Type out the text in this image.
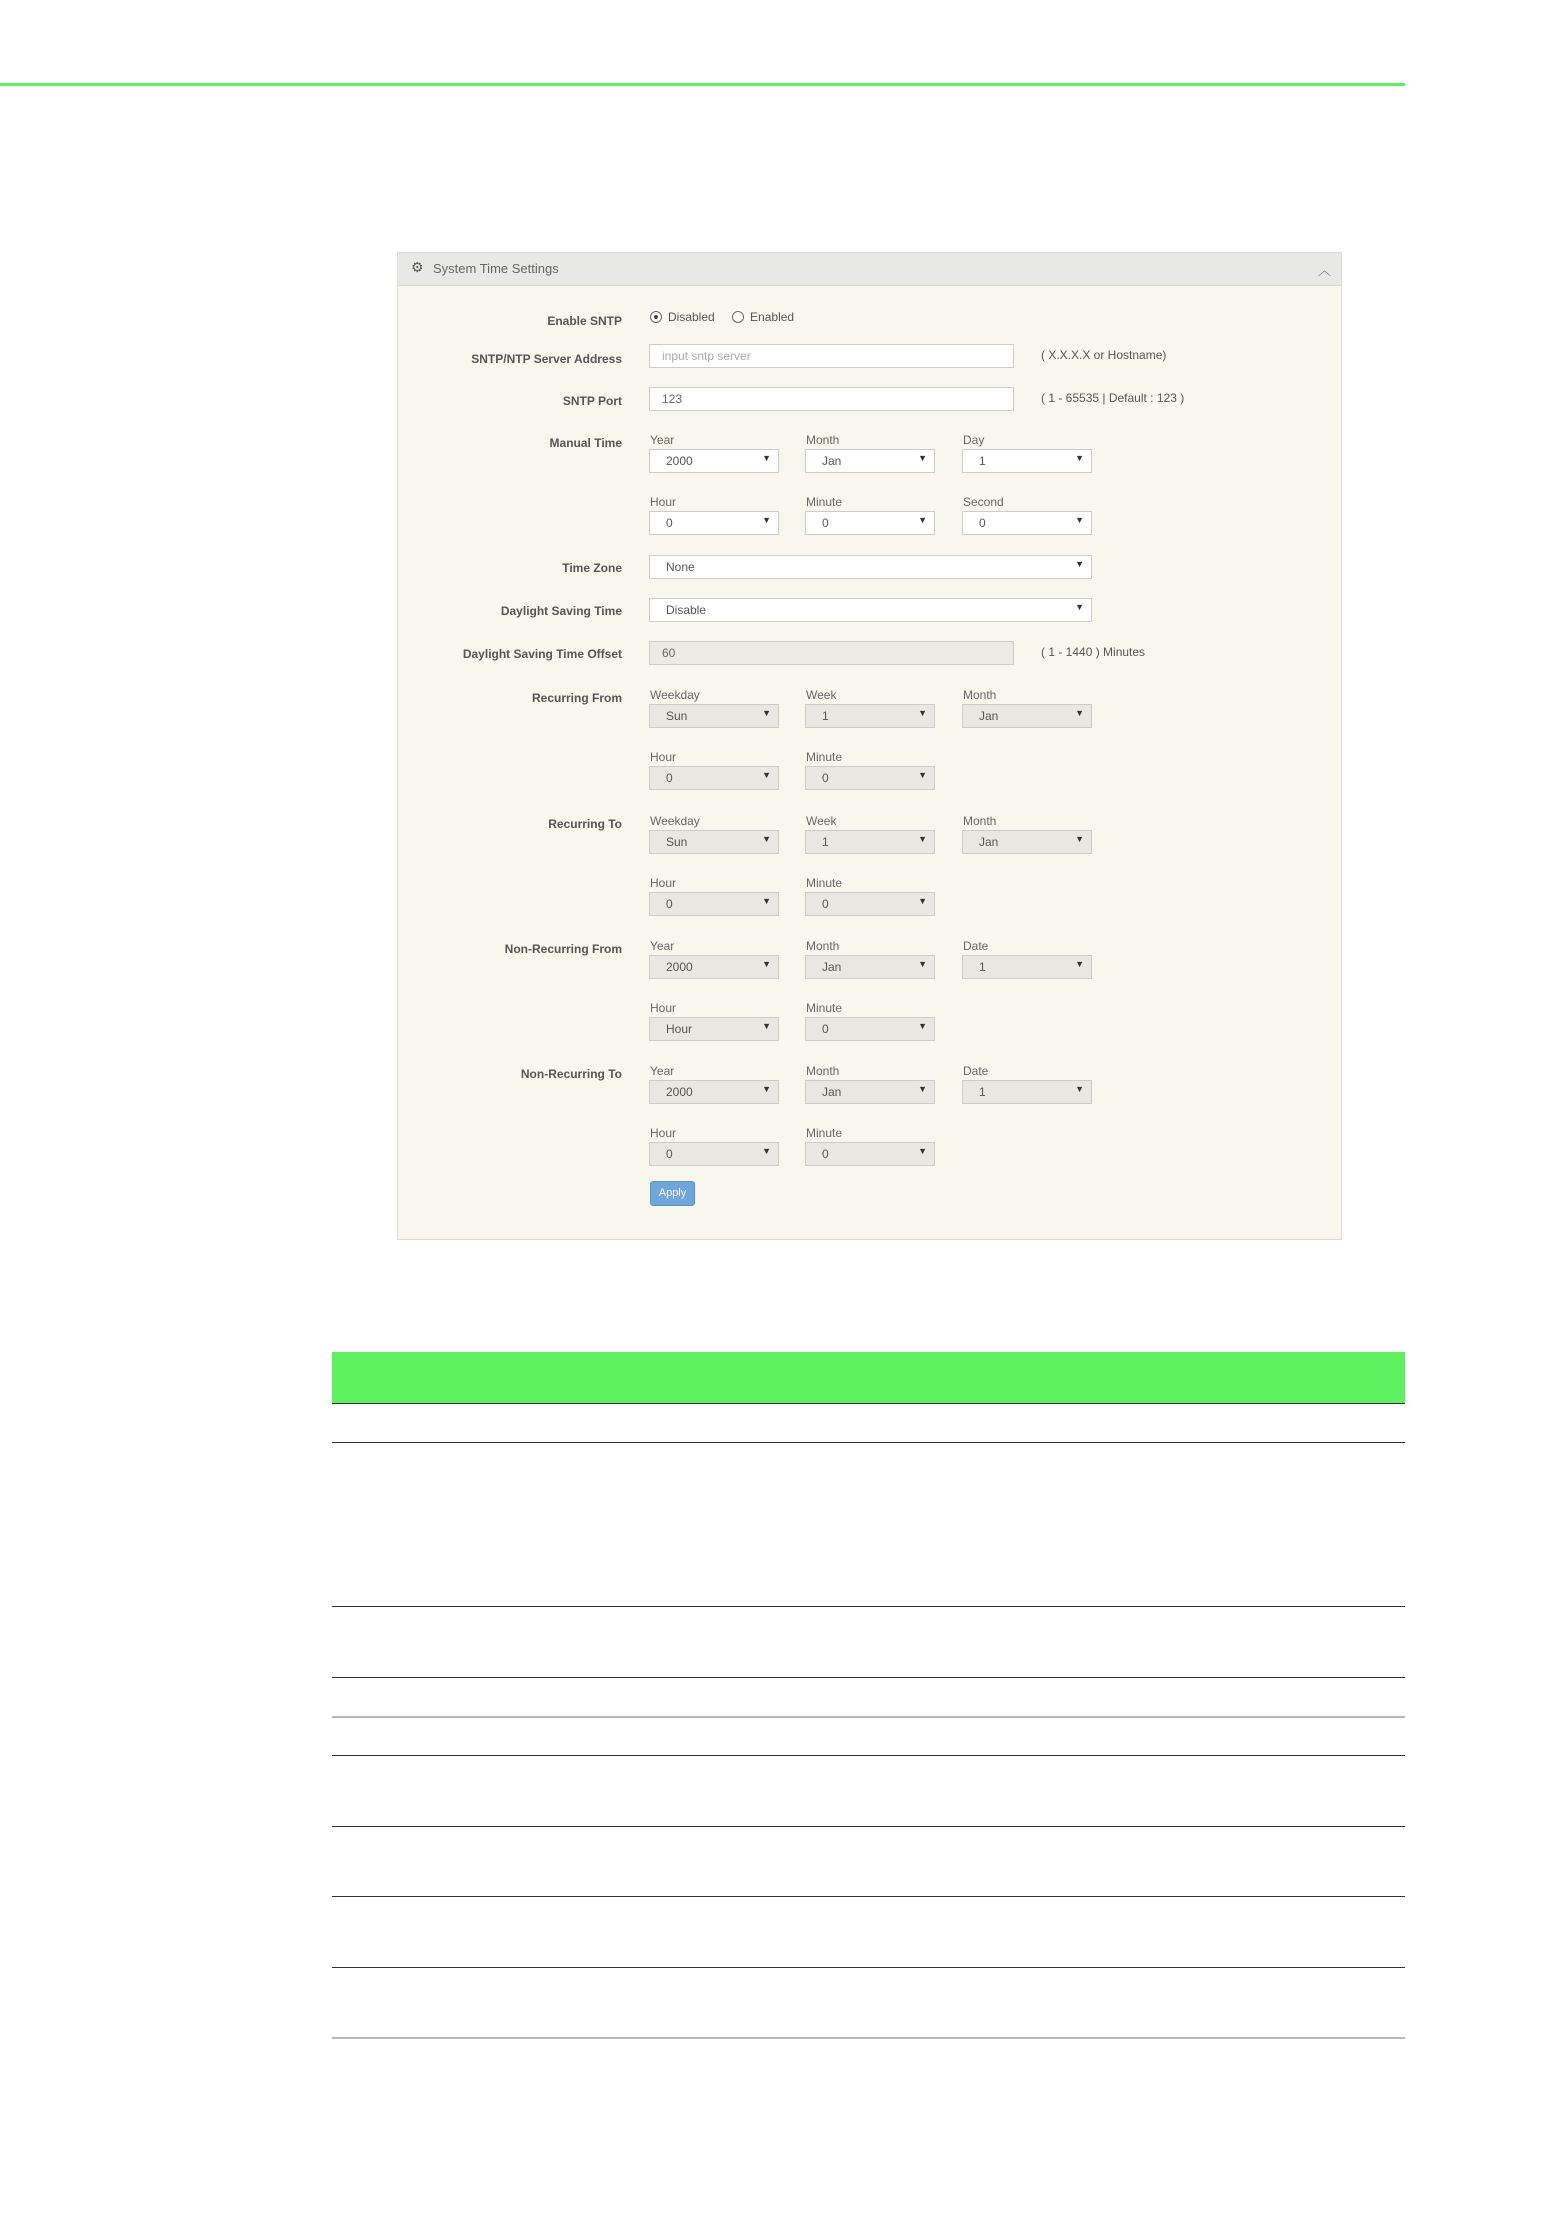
⚙ System Time Settings	︿
Enable SNTP	Disabled	Enabled
SNTP/NTP Server Address	input sntp server	( X.X.X.X or Hostname)
SNTP Port	123	( 1 - 65535 | Default : 123 )
Manual Time Year	Month	Day
2000	▼	Jan	▼	1	▼
Hour	Minute	Second
0	▼	0	▼	0	▼
Time Zone	None	▼
Daylight Saving Time	Disable	▼
Daylight Saving Time Offset	60	( 1 - 1440 ) Minutes
Recurring From Weekday	Week	Month
Sun	▼	1	▼	Jan	▼
Hour	Minute
0	▼	0	▼
Recurring To Weekday	Week	Month
Sun	▼	1	▼	Jan	▼
Hour	Minute
0	▼	0	▼
Non-Recurring From Year	Month	Date
2000	▼	Jan	▼	1	▼
Hour	Minute
Hour	▼	0	▼
Non-Recurring To Year	Month	Date
2000	▼	Jan	▼	1	▼
Hour	Minute
0	▼	0	▼
Apply
